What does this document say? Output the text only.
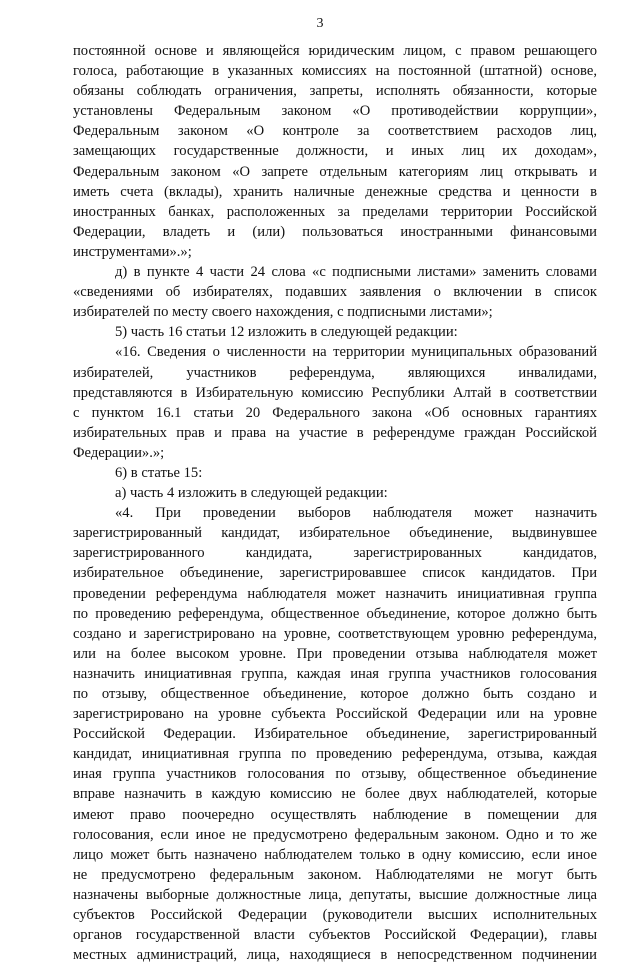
3
постоянной основе и являющейся юридическим лицом, с правом решающего
голоса, работающие в указанных комиссиях на постоянной (штатной) основе,
обязаны соблюдать ограничения, запреты, исполнять обязанности, которые
установлены Федеральным законом «О противодействии коррупции»,
Федеральным законом «О контроле за соответствием расходов лиц,
замещающих государственные должности, и иных лиц их доходам»,
Федеральным законом «О запрете отдельным категориям лиц открывать и
иметь счета (вклады), хранить наличные денежные средства и ценности в
иностранных банках, расположенных за пределами территории Российской
Федерации, владеть и (или) пользоваться иностранными финансовыми
инструментами».»;
д) в пункте 4 части 24 слова «с подписными листами» заменить словами
«сведениями об избирателях, подавших заявления о включении в список
избирателей по месту своего нахождения, с подписными листами»;
5) часть 16 статьи 12 изложить в следующей редакции:
«16. Сведения о численности на территории муниципальных образований
избирателей, участников референдума, являющихся инвалидами,
представляются в Избирательную комиссию Республики Алтай в соответствии
с пунктом 16.1 статьи 20 Федерального закона «Об основных гарантиях
избирательных прав и права на участие в референдуме граждан Российской
Федерации».»;
6) в статье 15:
а) часть 4 изложить в следующей редакции:
«4. При проведении выборов наблюдателя может назначить
зарегистрированный кандидат, избирательное объединение, выдвинувшее
зарегистрированного кандидата, зарегистрированных кандидатов,
избирательное объединение, зарегистрировавшее список кандидатов. При
проведении референдума наблюдателя может назначить инициативная группа
по проведению референдума, общественное объединение, которое должно быть
создано и зарегистрировано на уровне, соответствующем уровню референдума,
или на более высоком уровне. При проведении отзыва наблюдателя может
назначить инициативная группа, каждая иная группа участников голосования
по отзыву, общественное объединение, которое должно быть создано и
зарегистрировано на уровне субъекта Российской Федерации или на уровне
Российской Федерации. Избирательное объединение, зарегистрированный
кандидат, инициативная группа по проведению референдума, отзыва, каждая
иная группа участников голосования по отзыву, общественное объединение
вправе назначить в каждую комиссию не более двух наблюдателей, которые
имеют право поочередно осуществлять наблюдение в помещении для
голосования, если иное не предусмотрено федеральным законом. Одно и то же
лицо может быть назначено наблюдателем только в одну комиссию, если иное
не предусмотрено федеральным законом. Наблюдателями не могут быть
назначены выборные должностные лица, депутаты, высшие должностные лица
субъектов Российской Федерации (руководители высших исполнительных
органов государственной власти субъектов Российской Федерации), главы
местных администраций, лица, находящиеся в непосредственном подчинении
